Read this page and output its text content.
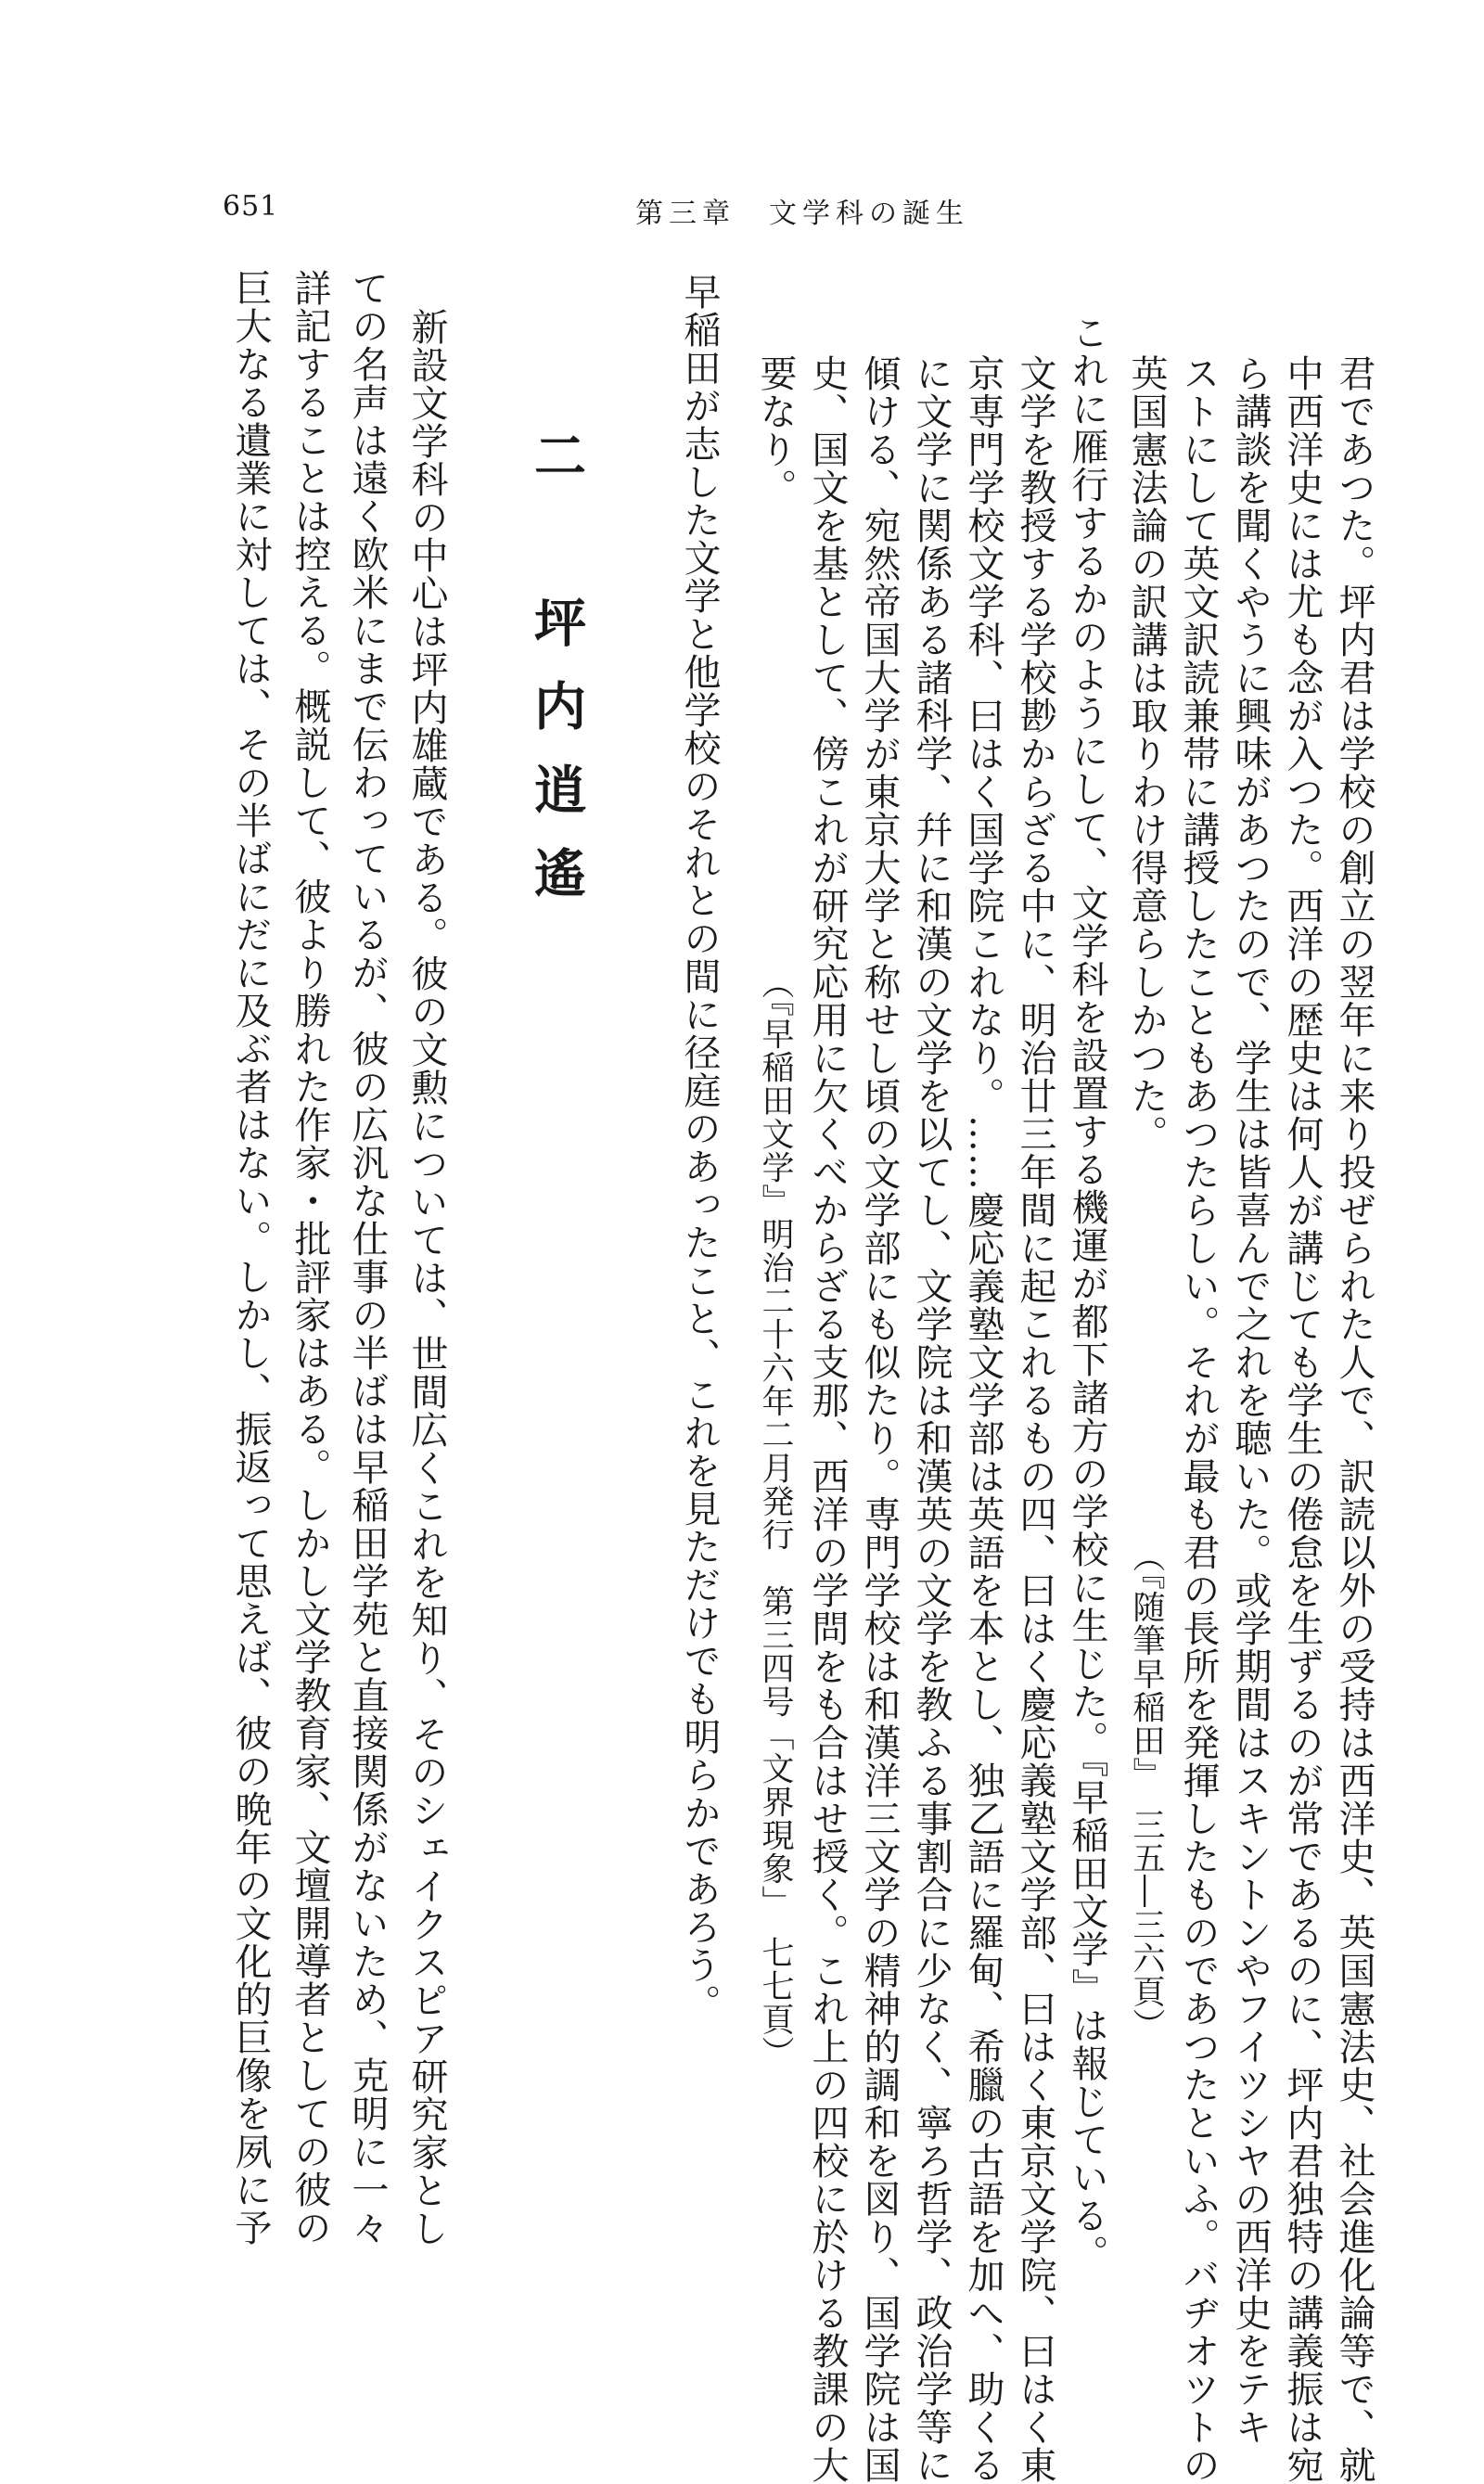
651	第三章　文学科の誕生

君であつた。坪内君は学校の創立の翌年に来り投ぜられた人で、訳読以外の受持は西洋史、英国憲法史、社会進化論等で、就

中西洋史には尤も念が入つた。西洋の歴史は何人が講じても学生の倦怠を生ずるのが常であるのに、坪内君独特の講義振は宛

ら講談を聞くやうに興味があつたので、学生は皆喜んで之れを聴いた。或学期間はスキントンやフイツシヤの西洋史をテキ

ストにして英文訳読兼帯に講授したこともあつたらしい。それが最も君の長所を発揮したものであつたといふ。バヂオツトの

英国憲法論の訳講は取りわけ得意らしかつた。

（『随筆早稲田』　三五―三六頁）

これに雁行するかのようにして、文学科を設置する機運が都下諸方の学校に生じた。『早稲田文学』は報じている。

文学を教授する学校尠からざる中に、明治廿三年間に起これるもの四、曰はく慶応義塾文学部、曰はく東京文学院、曰はく東

京専門学校文学科、曰はく国学院これなり。……慶応義塾文学部は英語を本とし、独乙語に羅甸、希臘の古語を加へ、助くる

に文学に関係ある諸科学、幷に和漢の文学を以てし、文学院は和漢英の文学を教ふる事割合に少なく、寧ろ哲学、政治学等に

傾ける、宛然帝国大学が東京大学と称せし頃の文学部にも似たり。専門学校は和漢洋三文学の精神的調和を図り、国学院は国

史、国文を基として、傍これが研究応用に欠くべからざる支那、西洋の学問をも合はせ授く。これ上の四校に於ける教課の大

要なり。

（『早稲田文学』明治二十六年二月発行　第三四号「文界現象」　七七頁）

早稲田が志した文学と他学校のそれとの間に径庭のあったこと、これを見ただけでも明らかであろう。

二　坪内逍遙

新設文学科の中心は坪内雄蔵である。彼の文勲については、世間広くこれを知り、そのシェイクスピア研究家とし

ての名声は遠く欧米にまで伝わっているが、彼の広汎な仕事の半ばは早稲田学苑と直接関係がないため、克明に一々

詳記することは控える。概説して、彼より勝れた作家・批評家はある。しかし文学教育家、文壇開導者としての彼の

巨大なる遺業に対しては、その半ばにだに及ぶ者はない。しかし、振返って思えば、彼の晩年の文化的巨像を夙に予
